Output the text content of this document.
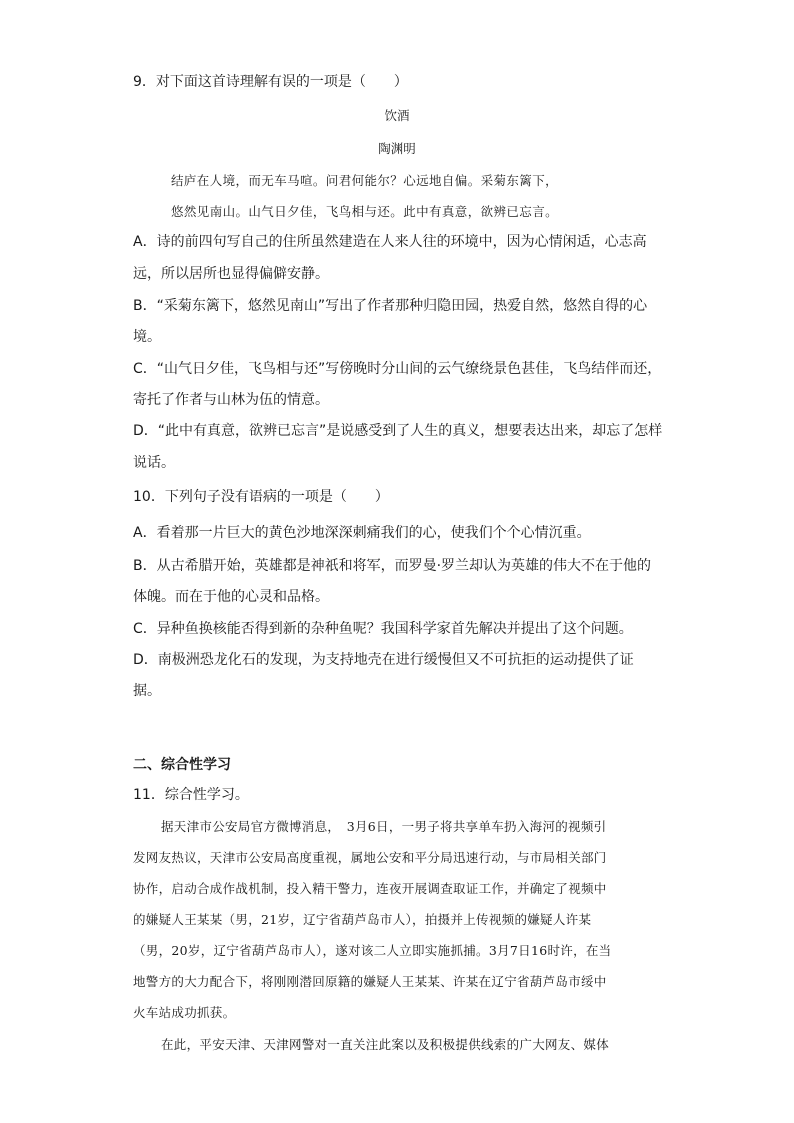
9．对下面这首诗理解有误的一项是（　　）
饮酒
陶渊明
结庐在人境，而无车马喧。问君何能尔？心远地自偏。采菊东篱下，
悠然见南山。山气日夕佳，飞鸟相与还。此中有真意，欲辨已忘言。
A．诗的前四句写自己的住所虽然建造在人来人往的环境中，因为心情闲适，心志高
远，所以居所也显得偏僻安静。
B．“采菊东篱下，悠然见南山”写出了作者那种归隐田园，热爱自然，悠然自得的心
境。
C．“山气日夕佳，飞鸟相与还”写傍晚时分山间的云气缭绕景色甚佳，飞鸟结伴而还，
寄托了作者与山林为伍的情意。
D．“此中有真意，欲辨已忘言”是说感受到了人生的真义，想要表达出来，却忘了怎样
说话。
10．下列句子没有语病的一项是（　　）
A．看着那一片巨大的黄色沙地深深刺痛我们的心，使我们个个心情沉重。
B．从古希腊开始，英雄都是神祇和将军，而罗曼·罗兰却认为英雄的伟大不在于他的
体魄。而在于他的心灵和品格。
C．异种鱼换核能否得到新的杂种鱼呢？我国科学家首先解决并提出了这个问题。
D．南极洲恐龙化石的发现，为支持地壳在进行缓慢但又不可抗拒的运动提供了证
据。
二、综合性学习
11．综合性学习。
据天津市公安局官方微博消息，　3月6日，一男子将共享单车扔入海河的视频引
发网友热议，天津市公安局高度重视，属地公安和平分局迅速行动，与市局相关部门
协作，启动合成作战机制，投入精干警力，连夜开展调查取证工作，并确定了视频中
的嫌疑人王某某（男，21岁，辽宁省葫芦岛市人），拍摄并上传视频的嫌疑人许某
（男，20岁，辽宁省葫芦岛市人），遂对该二人立即实施抓捕。3月7日16时许，在当
地警方的大力配合下，将刚刚潜回原籍的嫌疑人王某某、许某在辽宁省葫芦岛市绥中
火车站成功抓获。
在此，平安天津、天津网警对一直关注此案以及积极提供线索的广大网友、媒体
